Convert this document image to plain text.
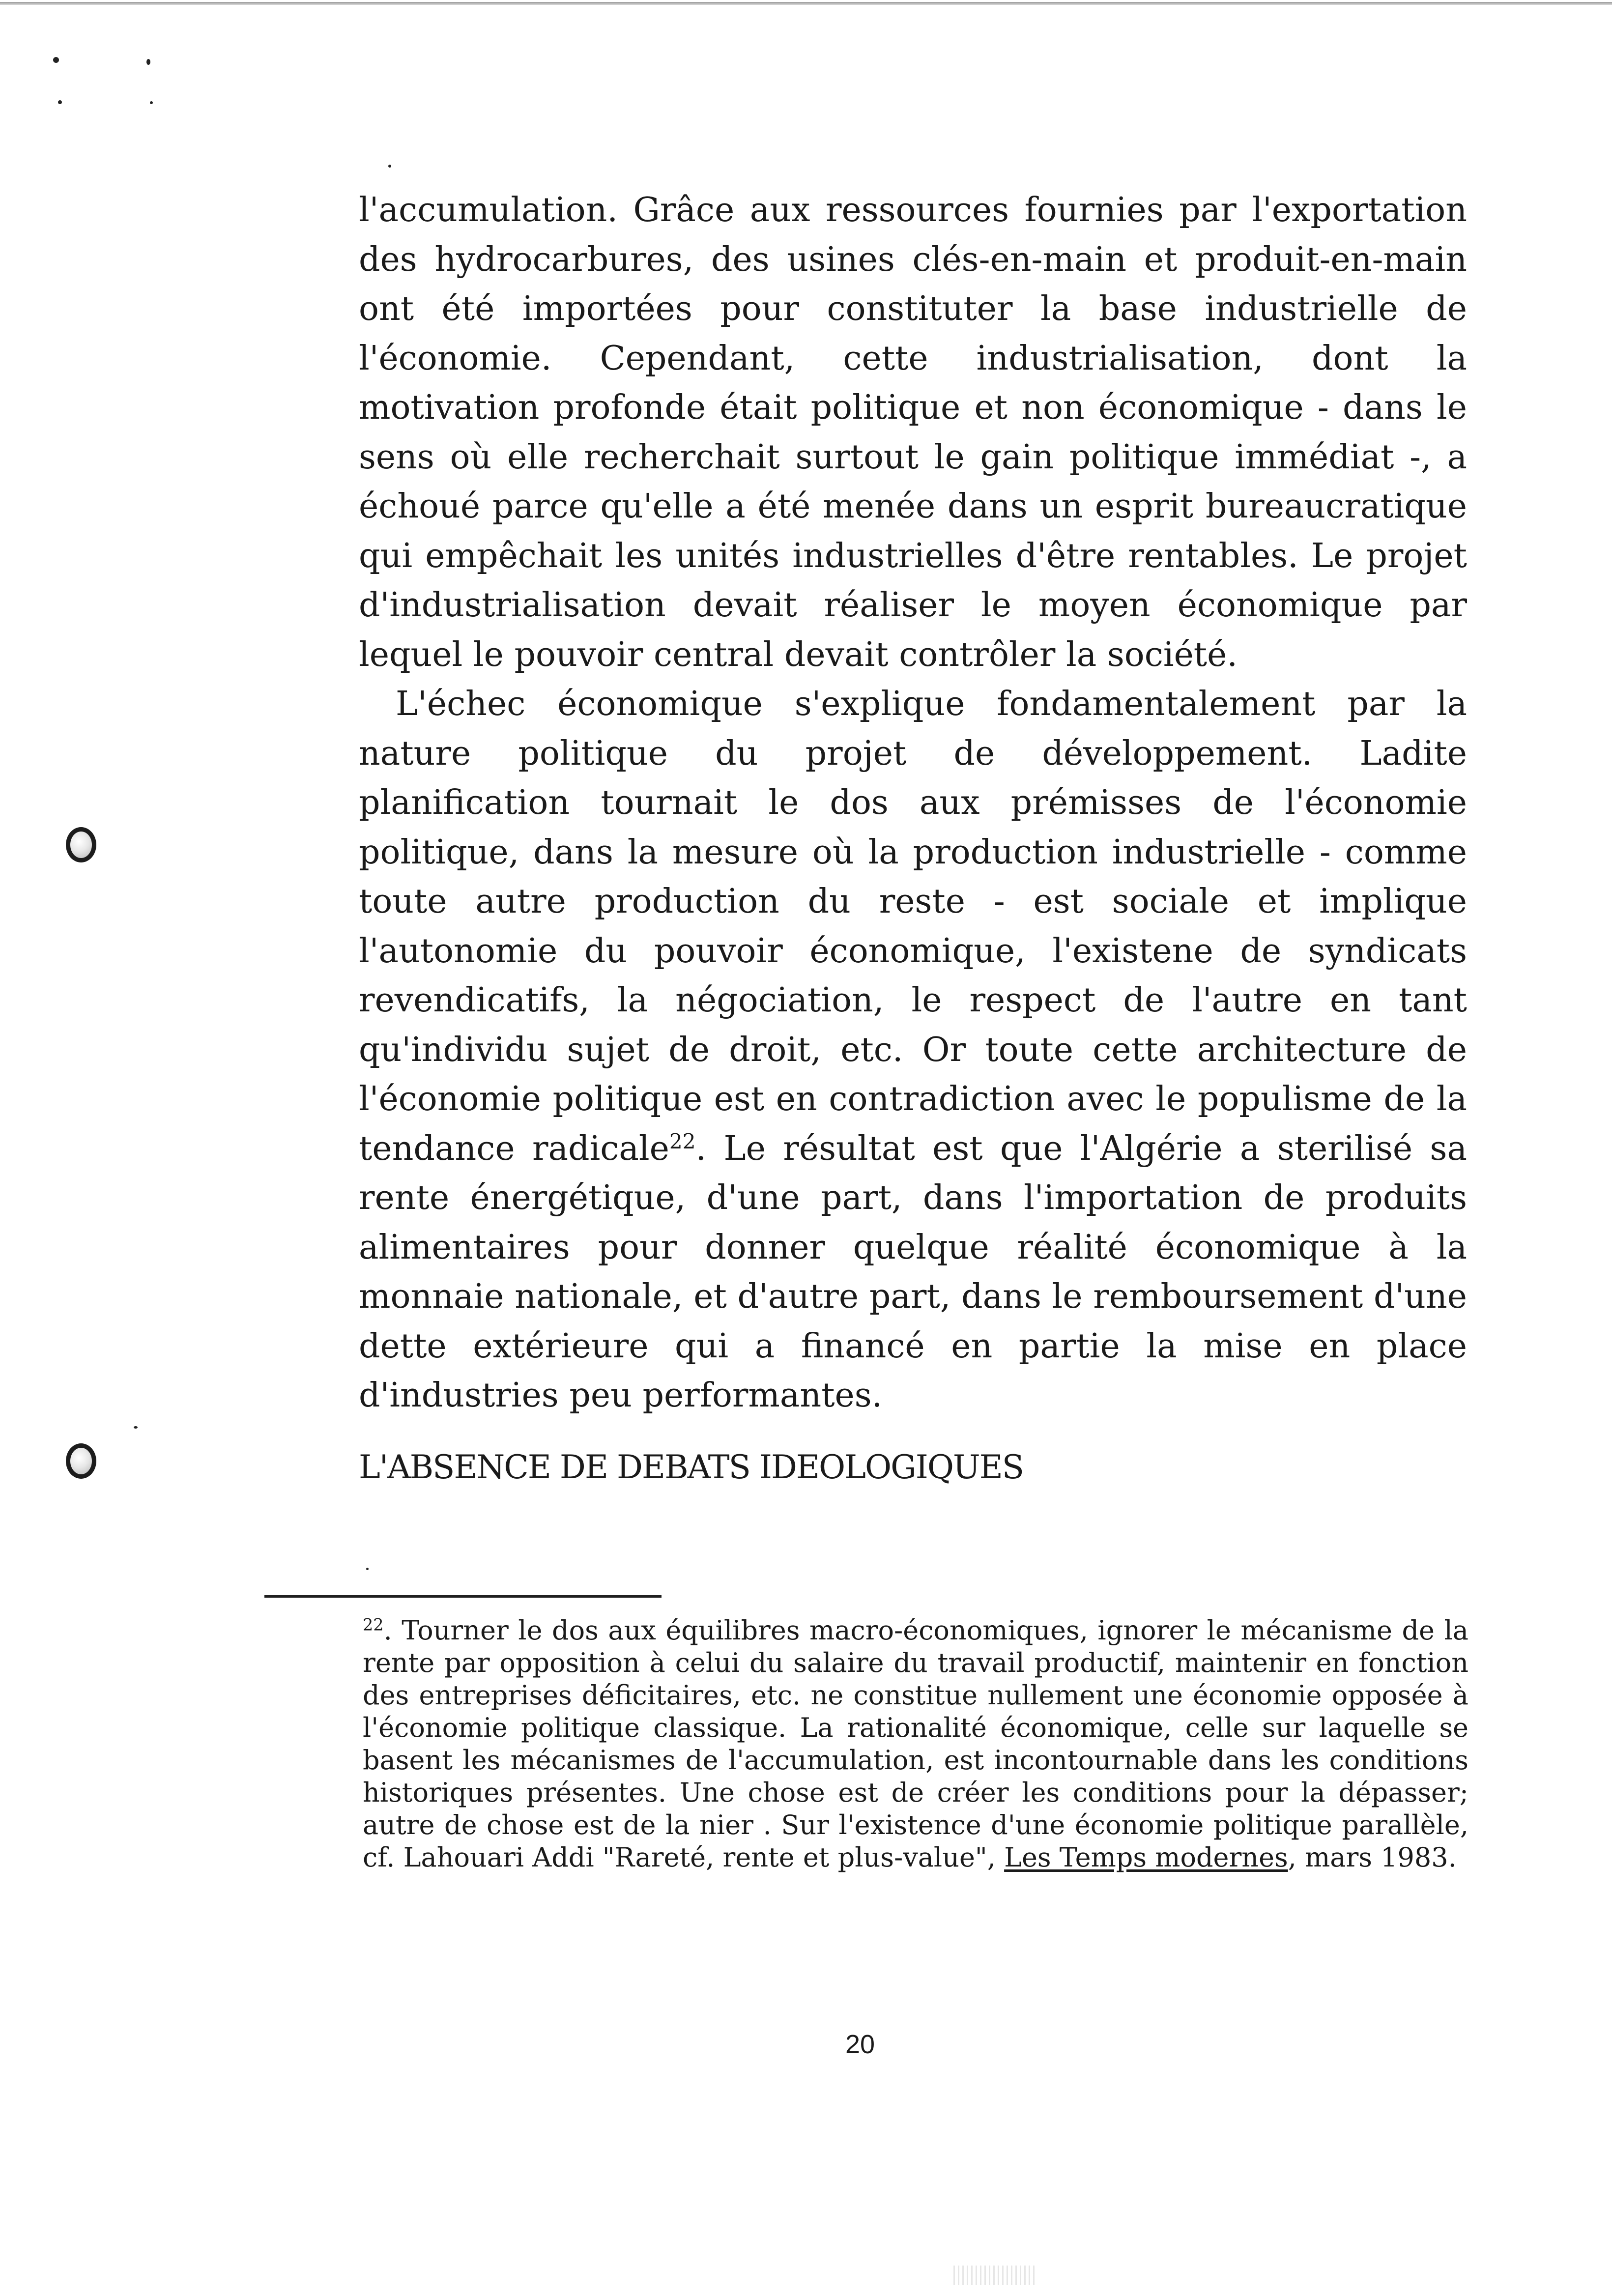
l'accumulation. Grâce aux ressources fournies par l'exportation des hydrocarbures, des usines clés-en-main et produit-en-main ont été importées pour constituter la base industrielle de l'économie. Cependant, cette industrialisation, dont la motivation profonde était politique et non économique - dans le sens où elle recherchait surtout le gain politique immédiat -, a échoué parce qu'elle a été menée dans un esprit bureaucratique qui empêchait les unités industrielles d'être rentables. Le projet d'industrialisation devait réaliser le moyen économique par lequel le pouvoir central devait contrôler la société.

L'échec économique s'explique fondamentalement par la nature politique du projet de développement. Ladite planification tournait le dos aux prémisses de l'économie politique, dans la mesure où la production industrielle - comme toute autre production du reste - est sociale et implique l'autonomie du pouvoir économique, l'existene de syndicats revendicatifs, la négociation, le respect de l'autre en tant qu'individu sujet de droit, etc. Or toute cette architecture de l'économie politique est en contradiction avec le populisme de la tendance radicale$^{22}$. Le résultat est que l'Algérie a sterilisé sa rente énergétique, d'une part, dans l'importation de produits alimentaires pour donner quelque réalité économique à la monnaie nationale, et d'autre part, dans le remboursement d'une dette extérieure qui a financé en partie la mise en place d'industries peu performantes.

L'ABSENCE DE DEBATS IDEOLOGIQUES

$^{22}$. Tourner le dos aux équilibres macro-économiques, ignorer le mécanisme de la rente par opposition à celui du salaire du travail productif, maintenir en fonction des entreprises déficitaires, etc. ne constitue nullement une économie opposée à l'économie politique classique. La rationalité économique, celle sur laquelle se basent les mécanismes de l'accumulation, est incontournable dans les conditions historiques présentes. Une chose est de créer les conditions pour la dépasser; autre de chose est de la nier . Sur l'existence d'une économie politique parallèle, cf. Lahouari Addi "Rareté, rente et plus-value", Les Temps modernes, mars 1983.

20
